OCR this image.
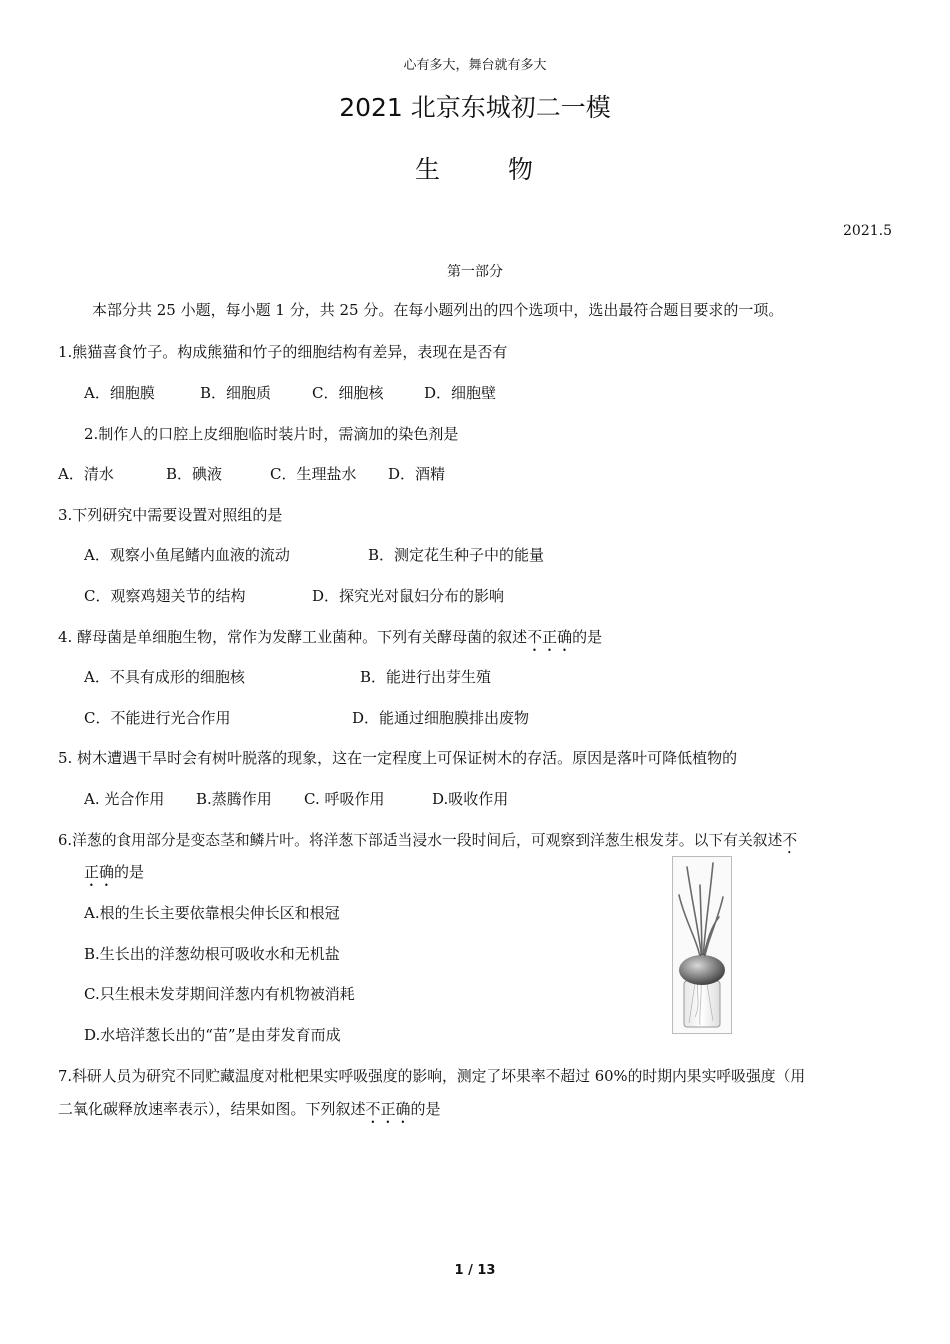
心有多大，舞台就有多大
2021 北京东城初二一模
生	物
2021.5
第一部分
本部分共 25 小题，每小题 1 分，共 25 分。在每小题列出的四个选项中，选出最符合题目要求的一项。
1.熊猫喜食竹子。构成熊猫和竹子的细胞结构有差异，表现在是否有
A．细胞膜	B．细胞质	C．细胞核	D．细胞壁
2.制作人的口腔上皮细胞临时装片时，需滴加的染色剂是
A．清水	B．碘液	C．生理盐水 D．酒精
3.下列研究中需要设置对照组的是
A．观察小鱼尾鳍内血液的流动	B．测定花生种子中的能量
C．观察鸡翅关节的结构	D．探究光对鼠妇分布的影响
4. 酵母菌是单细胞生物，常作为发酵工业菌种。下列有关酵母菌的叙述不正确的是
A．不具有成形的细胞核	B．能进行出芽生殖
C．不能进行光合作用	D．能通过细胞膜排出废物
5. 树木遭遇干旱时会有树叶脱落的现象，这在一定程度上可保证树木的存活。原因是落叶可降低植物的
A. 光合作用 B.蒸腾作用 C. 呼吸作用	D.吸收作用
6.洋葱的食用部分是变态茎和鳞片叶。将洋葱下部适当浸水一段时间后，可观察到洋葱生根发芽。以下有关叙述不
正确的是
A.根的生长主要依靠根尖伸长区和根冠
B.生长出的洋葱幼根可吸收水和无机盐
C.只生根未发芽期间洋葱内有机物被消耗
D.水培洋葱长出的“苗”是由芽发育而成
7.科研人员为研究不同贮藏温度对枇杷果实呼吸强度的影响，测定了坏果率不超过 60%的时期内果实呼吸强度（用
二氧化碳释放速率表示），结果如图。下列叙述不正确的是
1 / 13
